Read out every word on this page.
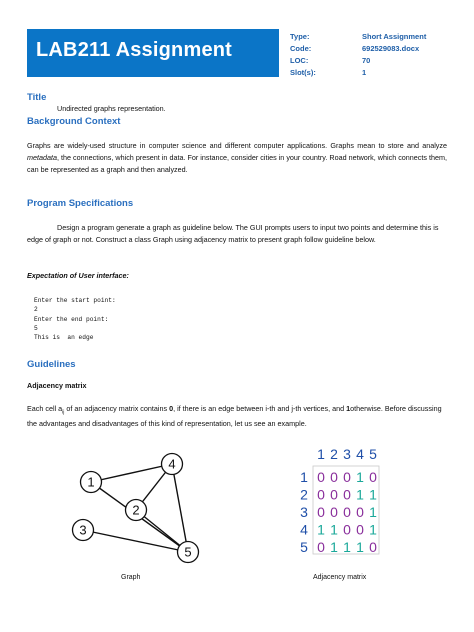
LAB211 Assignment
Type:	Short Assignment
Code:	692529083.docx
LOC:	70
Slot(s):	1
Title
Undirected graphs representation.
Background Context
Graphs are widely-used structure in computer science and different computer applications. Graphs mean to store and analyze metadata, the connections, which present in data. For instance, consider cities in your country. Road network, which connects them, can be represented as a graph and then analyzed.
Program Specifications
Design a program generate a graph as guideline below. The GUI prompts users to input two points and determine this is edge of graph or not. Construct a class Graph using adjacency matrix to present graph follow guideline below.
Expectation of User interface:
Enter the start point:
2
Enter the end point:
5
This is  an edge
Guidelines
Adjacency matrix
Each cell $a_{ij}$ of an adjacency matrix contains 0, if there is an edge between i-th and j-th vertices, and 1otherwise. Before discussing the advantages and disadvantages of this kind of representation, let us see an example.
1
2
3
4
5
Graph
1 2 3 4 5
1 0 0 0 1 0
2 0 0 0 1 1
3 0 0 0 0 1
4 1 1 0 0 1
5 0 1 1 1 0
Adjacency matrix
